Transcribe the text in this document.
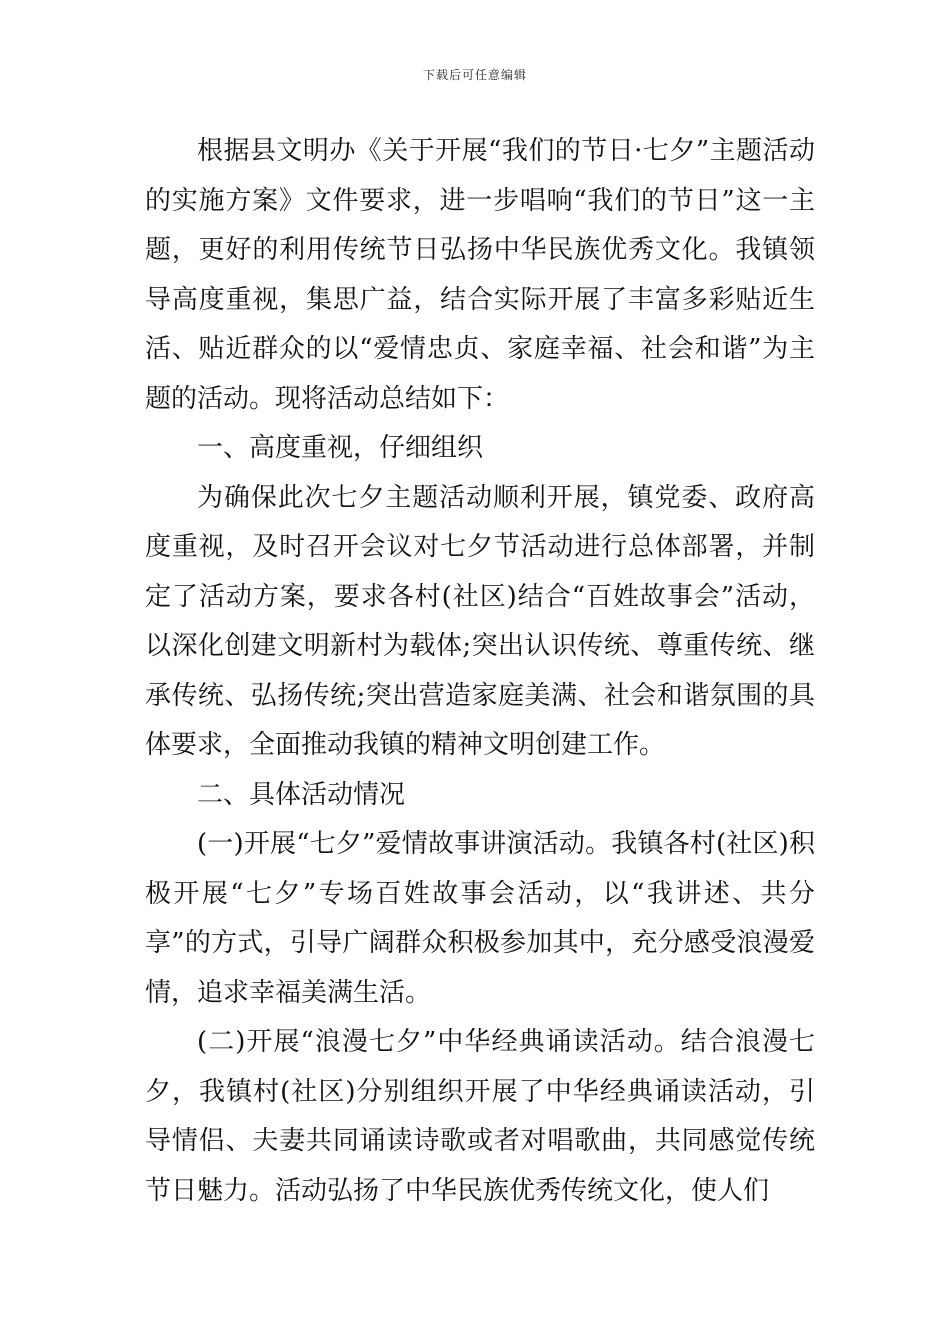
下载后可任意编辑

根据县文明办《关于开展“我们的节日·七夕”主题活动的实施方案》文件要求，进一步唱响“我们的节日”这一主题，更好的利用传统节日弘扬中华民族优秀文化。我镇领导高度重视，集思广益，结合实际开展了丰富多彩贴近生活、贴近群众的以“爱情忠贞、家庭幸福、社会和谐”为主题的活动。现将活动总结如下：

一、高度重视，仔细组织

为确保此次七夕主题活动顺利开展，镇党委、政府高度重视，及时召开会议对七夕节活动进行总体部署，并制定了活动方案，要求各村(社区)结合“百姓故事会”活动，以深化创建文明新村为载体;突出认识传统、尊重传统、继承传统、弘扬传统;突出营造家庭美满、社会和谐氛围的具体要求，全面推动我镇的精神文明创建工作。

二、具体活动情况

(一)开展“七夕”爱情故事讲演活动。我镇各村(社区)积极开展“七夕”专场百姓故事会活动，以“我讲述、共分享”的方式，引导广阔群众积极参加其中，充分感受浪漫爱情，追求幸福美满生活。

(二)开展“浪漫七夕”中华经典诵读活动。结合浪漫七夕，我镇村(社区)分别组织开展了中华经典诵读活动，引导情侣、夫妻共同诵读诗歌或者对唱歌曲，共同感觉传统节日魅力。活动弘扬了中华民族优秀传统文化，使人们
